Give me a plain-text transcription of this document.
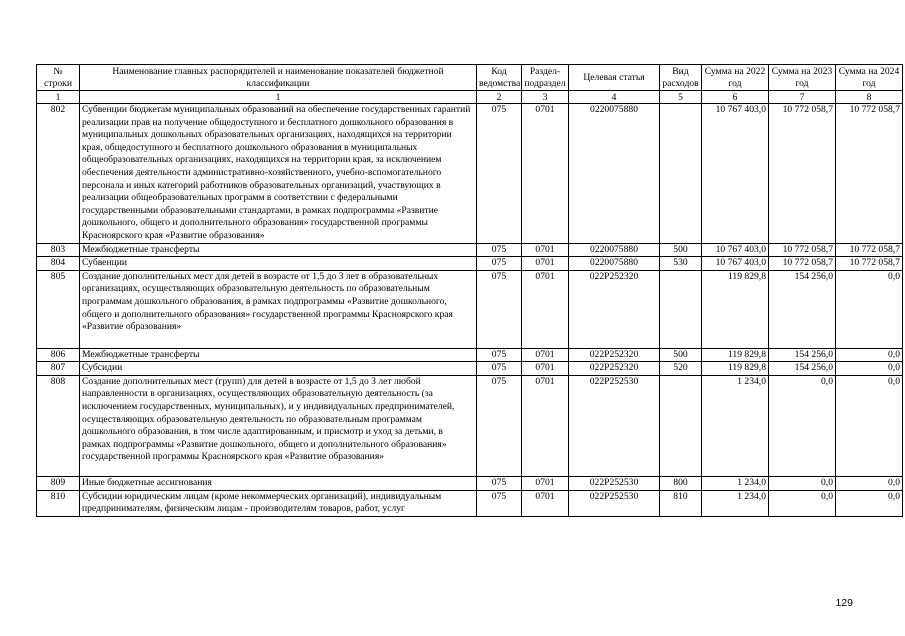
№ строки	Наименование главных распорядителей и наименование показателей бюджетной классификации	Код ведомства	Раздел-подраздел	Целевая статья	Вид расходов	Сумма на 2022 год	Сумма на 2023 год	Сумма на 2024 год
1	1	2	3	4	5	6	7	8
802	Субвенции бюджетам муниципальных образований на обеспечение государственных гарантий реализации прав на получение общедоступного и бесплатного дошкольного образования в муниципальных дошкольных образовательных организациях, находящихся на территории края, общедоступного и бесплатного дошкольного образования в муниципальных общеобразовательных организациях, находящихся на территории края, за исключением обеспечения деятельности административно-хозяйственного, учебно-вспомогательного персонала и иных категорий работников образовательных организаций, участвующих в реализации общеобразовательных программ в соответствии с федеральными государственными образовательными стандартами, в рамках подпрограммы «Развитие дошкольного, общего и дополнительного образования» государственной программы Красноярского края «Развитие образования»	075	0701	0220075880		10 767 403,0	10 772 058,7	10 772 058,7
803	Межбюджетные трансферты	075	0701	0220075880	500	10 767 403,0	10 772 058,7	10 772 058,7
804	Субвенции	075	0701	0220075880	530	10 767 403,0	10 772 058,7	10 772 058,7
805	Создание дополнительных мест для детей в возрасте от 1,5 до 3 лет в образовательных организациях, осуществляющих образовательную деятельность по образовательным программам дошкольного образования, в рамках подпрограммы «Развитие дошкольного, общего и дополнительного образования» государственной программы Красноярского края «Развитие образования»	075	0701	022P252320		119 829,8	154 256,0	0,0
806	Межбюджетные трансферты	075	0701	022P252320	500	119 829,8	154 256,0	0,0
807	Субсидии	075	0701	022P252320	520	119 829,8	154 256,0	0,0
808	Создание дополнительных мест (групп) для детей в возрасте от 1,5 до 3 лет любой направленности в организациях, осуществляющих образовательную деятельность (за исключением государственных, муниципальных), и у индивидуальных предпринимателей, осуществляющих образовательную деятельность по образовательным программам дошкольного образования, в том числе адаптированным, и присмотр и уход за детьми, в рамках подпрограммы «Развитие дошкольного, общего и дополнительного образования» государственной программы Красноярского края «Развитие образования»	075	0701	022P252530		1 234,0	0,0	0,0
809	Иные бюджетные ассигнования	075	0701	022P252530	800	1 234,0	0,0	0,0
810	Субсидии юридическим лицам (кроме некоммерческих организаций), индивидуальным предпринимателям, физическим лицам - производителям товаров, работ, услуг	075	0701	022P252530	810	1 234,0	0,0	0,0
129
